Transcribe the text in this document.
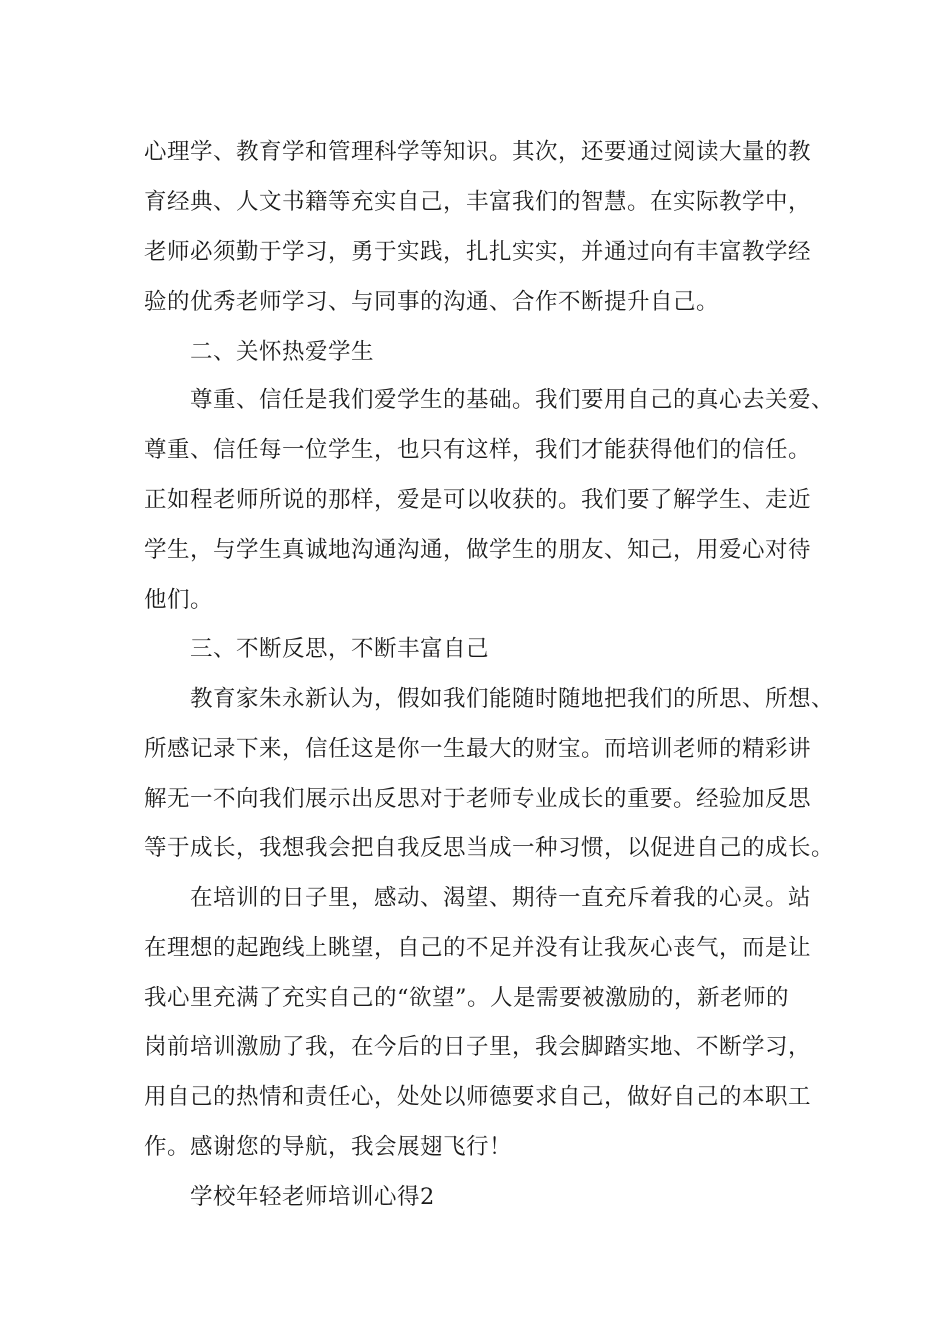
心理学、教育学和管理科学等知识。其次，还要通过阅读大量的教
育经典、人文书籍等充实自己，丰富我们的智慧。在实际教学中，
老师必须勤于学习，勇于实践，扎扎实实，并通过向有丰富教学经
验的优秀老师学习、与同事的沟通、合作不断提升自己。
二、关怀热爱学生
尊重、信任是我们爱学生的基础。我们要用自己的真心去关爱、
尊重、信任每一位学生，也只有这样，我们才能获得他们的信任。
正如程老师所说的那样，爱是可以收获的。我们要了解学生、走近
学生，与学生真诚地沟通沟通，做学生的朋友、知己，用爱心对待
他们。
三、不断反思，不断丰富自己
教育家朱永新认为，假如我们能随时随地把我们的所思、所想、
所感记录下来，信任这是你一生最大的财宝。而培训老师的精彩讲
解无一不向我们展示出反思对于老师专业成长的重要。经验加反思
等于成长，我想我会把自我反思当成一种习惯，以促进自己的成长。
在培训的日子里，感动、渴望、期待一直充斥着我的心灵。站
在理想的起跑线上眺望，自己的不足并没有让我灰心丧气，而是让
我心里充满了充实自己的“欲望”。人是需要被激励的，新老师的
岗前培训激励了我，在今后的日子里，我会脚踏实地、不断学习，
用自己的热情和责任心，处处以师德要求自己，做好自己的本职工
作。感谢您的导航，我会展翅飞行！
学校年轻老师培训心得2
